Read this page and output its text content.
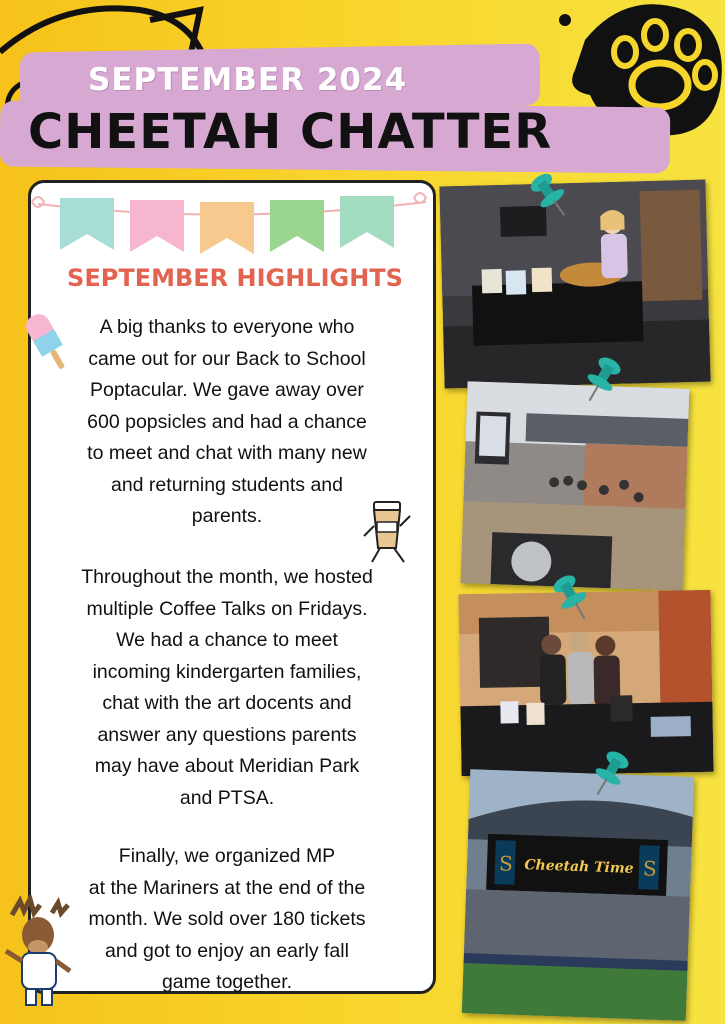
SEPTEMBER 2024
CHEETAH CHATTER
SEPTEMBER HIGHLIGHTS
A big thanks to everyone who
came out for our Back to School
Poptacular. We gave away over
600 popsicles and had a chance
to meet and chat with many new
and returning students and
parents.
Throughout the month, we hosted
multiple Coffee Talks on Fridays.
We had a chance to meet
incoming kindergarten families,
chat with the art docents and
answer any questions parents
may have about Meridian Park
and PTSA.
Finally, we organized MP
at the Mariners at the end of the
month. We sold over 180 tickets
and got to enjoy an early fall
game together.
S	S
Cheetah Time
